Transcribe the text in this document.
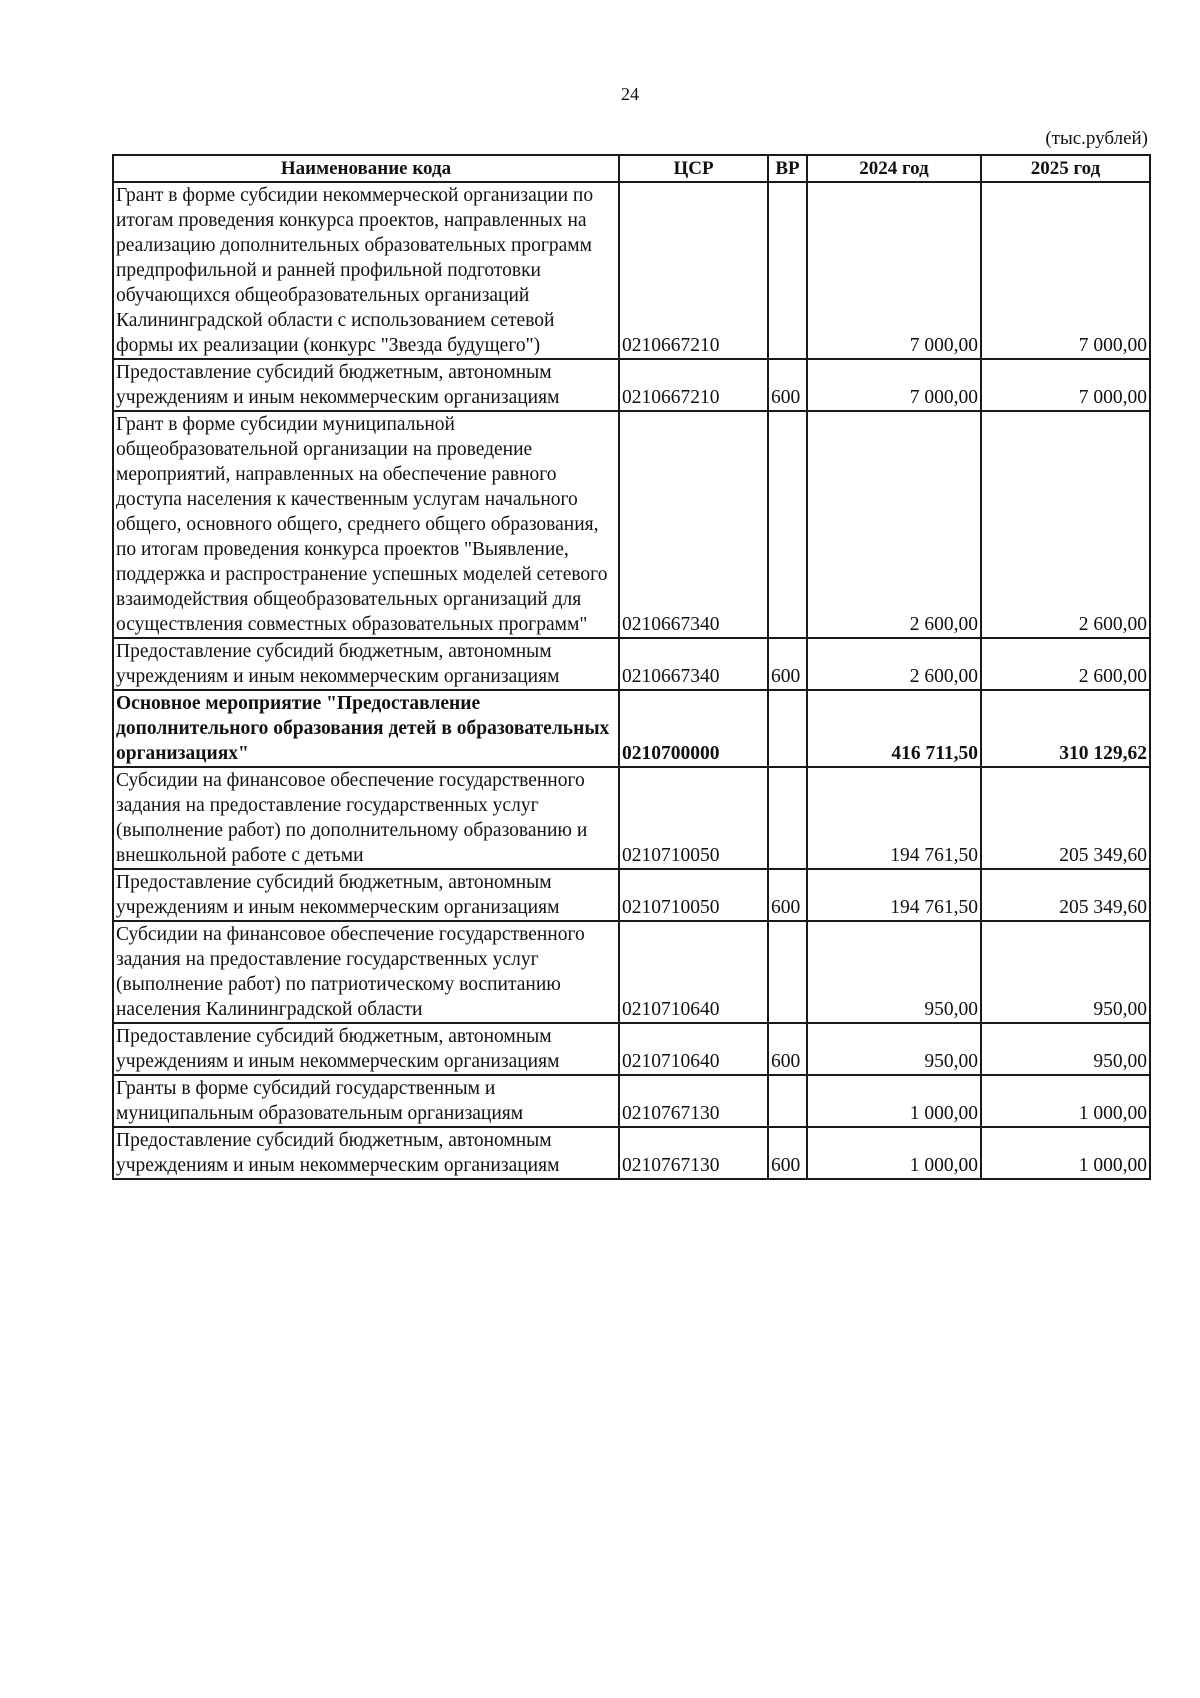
24
(тыс.рублей)
Наименование кода	ЦСР	ВР	2024 год	2025 год
Грант в форме субсидии некоммерческой организации по итогам проведения конкурса проектов, направленных на реализацию дополнительных образовательных программ предпрофильной и ранней профильной подготовки обучающихся общеобразовательных организаций Калининградской области с использованием сетевой формы их реализации (конкурс "Звезда будущего")	0210667210		7 000,00	7 000,00
Предоставление субсидий бюджетным, автономным учреждениям и иным некоммерческим организациям	0210667210	600	7 000,00	7 000,00
Грант в форме субсидии муниципальной общеобразовательной организации на проведение мероприятий, направленных на обеспечение равного доступа населения к качественным услугам начального общего, основного общего, среднего общего образования, по итогам проведения конкурса проектов "Выявление, поддержка и распространение успешных моделей сетевого взаимодействия общеобразовательных организаций для осуществления совместных образовательных программ"	0210667340		2 600,00	2 600,00
Предоставление субсидий бюджетным, автономным учреждениям и иным некоммерческим организациям	0210667340	600	2 600,00	2 600,00
Основное мероприятие "Предоставление дополнительного образования детей в образовательных организациях"	0210700000		416 711,50	310 129,62
Субсидии на финансовое обеспечение государственного задания на предоставление государственных услуг (выполнение работ) по дополнительному образованию и внешкольной работе с детьми	0210710050		194 761,50	205 349,60
Предоставление субсидий бюджетным, автономным учреждениям и иным некоммерческим организациям	0210710050	600	194 761,50	205 349,60
Субсидии на финансовое обеспечение государственного задания на предоставление государственных услуг (выполнение работ) по патриотическому воспитанию населения Калининградской области	0210710640		950,00	950,00
Предоставление субсидий бюджетным, автономным учреждениям и иным некоммерческим организациям	0210710640	600	950,00	950,00
Гранты в форме субсидий государственным и муниципальным образовательным организациям	0210767130		1 000,00	1 000,00
Предоставление субсидий бюджетным, автономным учреждениям и иным некоммерческим организациям	0210767130	600	1 000,00	1 000,00
